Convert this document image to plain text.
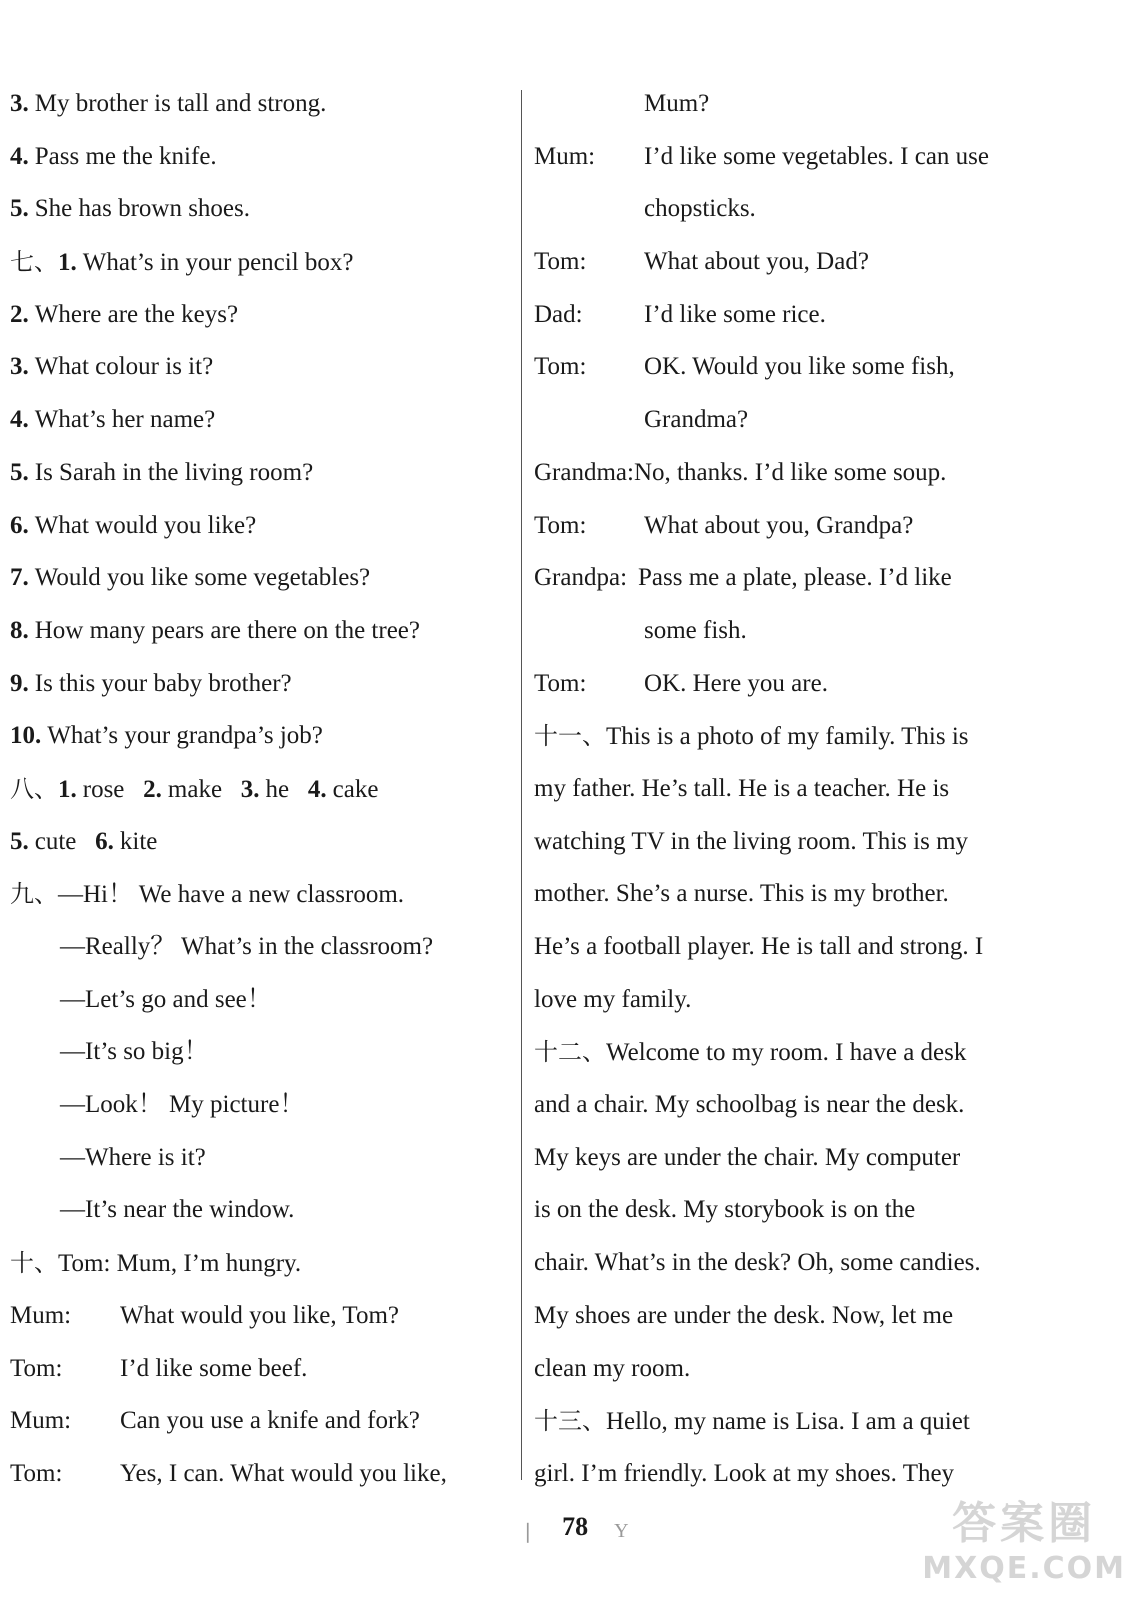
3. My brother is tall and strong.
4. Pass me the knife.
5. She has brown shoes.
七、1. What’s in your pencil box?
2. Where are the keys?
3. What colour is it?
4. What’s her name?
5. Is Sarah in the living room?
6. What would you like?
7. Would you like some vegetables?
8. How many pears are there on the tree?
9. Is this your baby brother?
10. What’s your grandpa’s job?
八、1. rose 2. make 3. he 4. cake
5. cute 6. kite
九、—Hi！ We have a new classroom.
—Really？ What’s in the classroom?
—Let’s go and see！
—It’s so big！
—Look！ My picture！
—Where is it?
—It’s near the window.
十、Tom: Mum, I’m hungry.
Mum: What would you like, Tom?
Tom: I’d like some beef.
Mum: Can you use a knife and fork?
Tom: Yes, I can. What would you like,
Mum?
Mum: I’d like some vegetables. I can use
chopsticks.
Tom: What about you, Dad?
Dad: I’d like some rice.
Tom: OK. Would you like some fish,
Grandma?
Grandma:No, thanks. I’d like some soup.
Tom: What about you, Grandpa?
Grandpa: Pass me a plate, please. I’d like
some fish.
Tom: OK. Here you are.
十一、This is a photo of my family. This is
my father. He’s tall. He is a teacher. He is
watching TV in the living room. This is my
mother. She’s a nurse. This is my brother.
He’s a football player. He is tall and strong. I
love my family.
十二、Welcome to my room. I have a desk
and a chair. My schoolbag is near the desk.
My keys are under the chair. My computer
is on the desk. My storybook is on the
chair. What’s in the desk? Oh, some candies.
My shoes are under the desk. Now, let me
clean my room.
十三、Hello, my name is Lisa. I am a quiet
girl. I’m friendly. Look at my shoes. They
❘ 78 Y	答案圈
MXQE.COM
